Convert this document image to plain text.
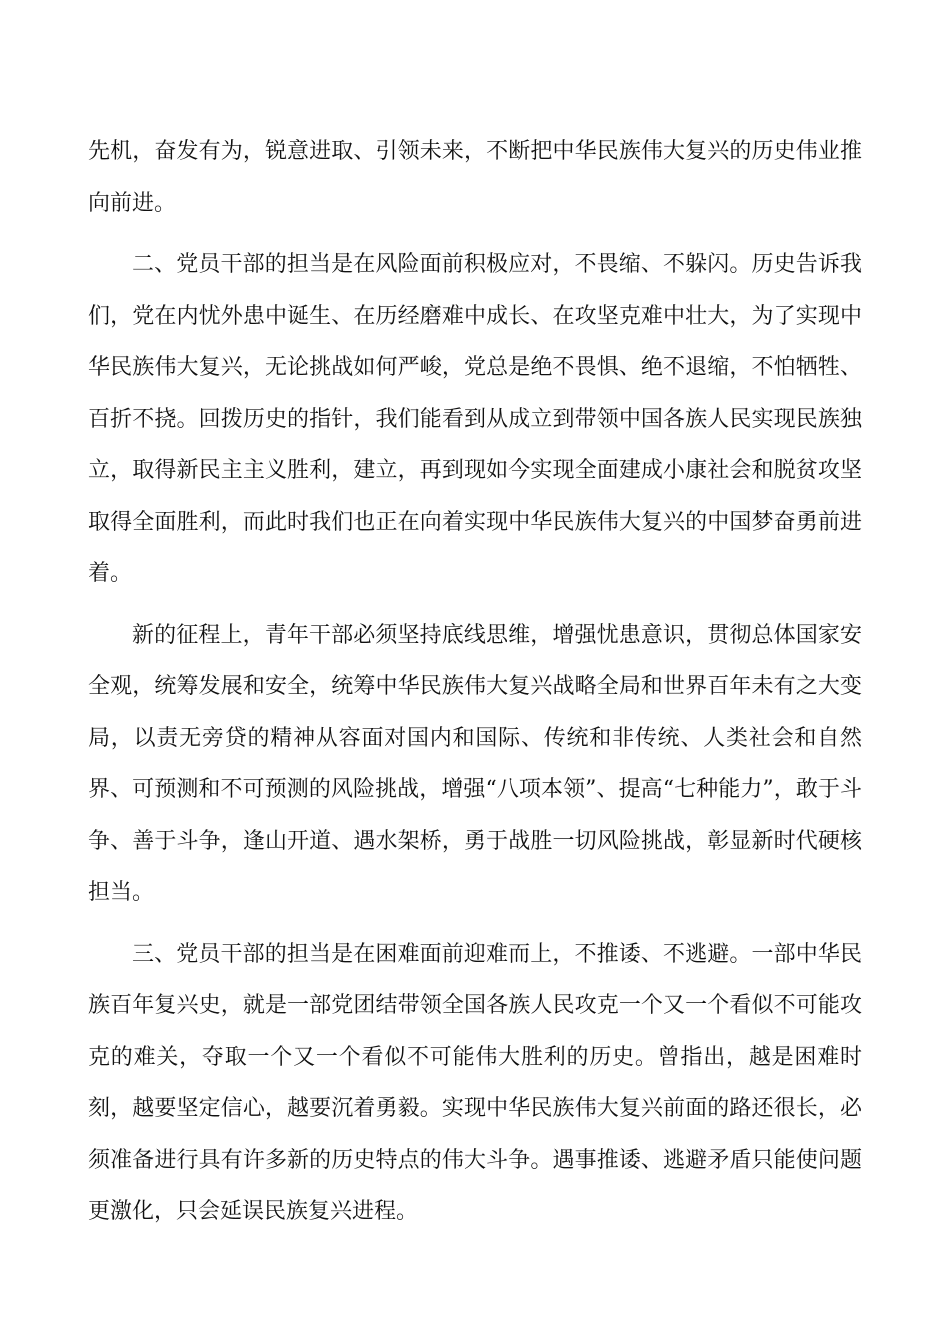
先机，奋发有为，锐意进取、引领未来，不断把中华民族伟大复兴的历史伟业推向前进。

二、党员干部的担当是在风险面前积极应对，不畏缩、不躲闪。历史告诉我们，党在内忧外患中诞生、在历经磨难中成长、在攻坚克难中壮大，为了实现中华民族伟大复兴，无论挑战如何严峻，党总是绝不畏惧、绝不退缩，不怕牺牲、百折不挠。回拨历史的指针，我们能看到从成立到带领中国各族人民实现民族独立，取得新民主主义胜利，建立，再到现如今实现全面建成小康社会和脱贫攻坚取得全面胜利，而此时我们也正在向着实现中华民族伟大复兴的中国梦奋勇前进着。

新的征程上，青年干部必须坚持底线思维，增强忧患意识，贯彻总体国家安全观，统筹发展和安全，统筹中华民族伟大复兴战略全局和世界百年未有之大变局，以责无旁贷的精神从容面对国内和国际、传统和非传统、人类社会和自然界、可预测和不可预测的风险挑战，增强“八项本领”、提高“七种能力”，敢于斗争、善于斗争，逢山开道、遇水架桥，勇于战胜一切风险挑战，彰显新时代硬核担当。

三、党员干部的担当是在困难面前迎难而上，不推诿、不逃避。一部中华民族百年复兴史，就是一部党团结带领全国各族人民攻克一个又一个看似不可能攻克的难关，夺取一个又一个看似不可能伟大胜利的历史。曾指出，越是困难时刻，越要坚定信心，越要沉着勇毅。实现中华民族伟大复兴前面的路还很长，必须准备进行具有许多新的历史特点的伟大斗争。遇事推诿、逃避矛盾只能使问题更激化，只会延误民族复兴进程。
